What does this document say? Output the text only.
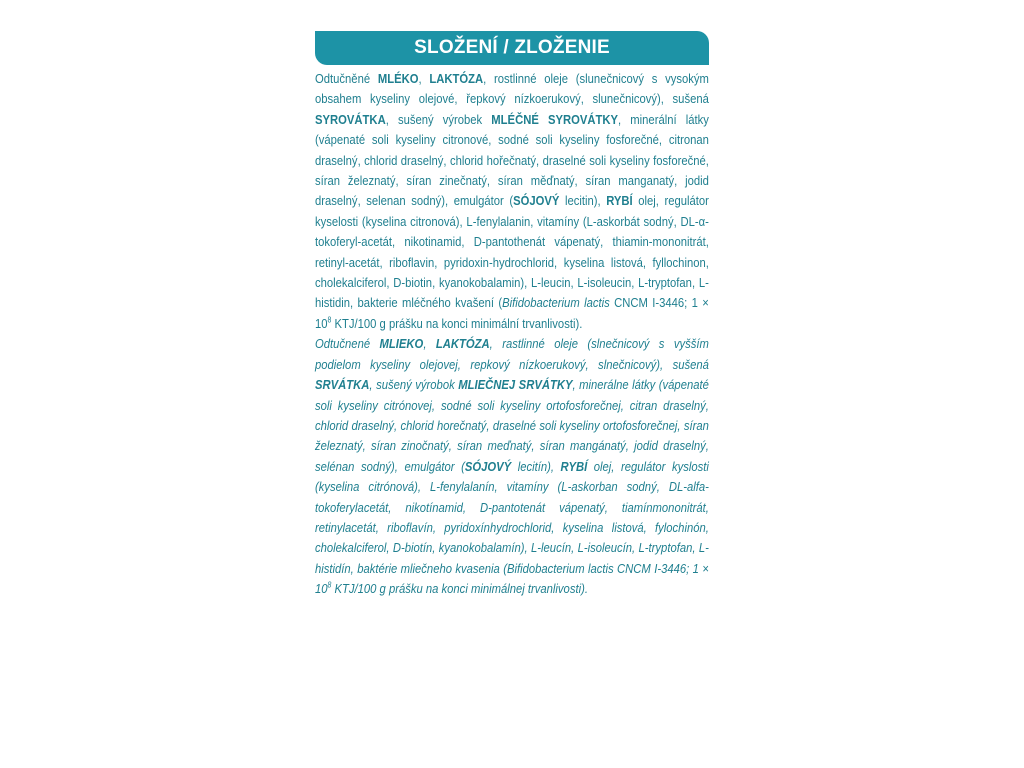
SLOŽENÍ / ZLOŽENIE

Odtučněné MLÉKO, LAKTÓZA, rostlinné oleje (slunečnicový s vysokým obsahem kyseliny olejové, řepkový nízkoerukový, slunečnicový), sušená SYROVÁTKA, sušený výrobek MLÉČNÉ SYROVÁTKY, minerální látky (vápenaté soli kyseliny citronové, sodné soli kyseliny fosforečné, citronan draselný, chlorid draselný, chlorid hořečnatý, draselné soli kyseliny fosforečné, síran železnatý, síran zinečnatý, síran měďnatý, síran manganatý, jodid draselný, selenan sodný), emulgátor (SÓJOVÝ lecitin), RYBÍ olej, regulátor kyselosti (kyselina citronová), L-fenylalanin, vitamíny (L-askorbát sodný, DL-α-tokoferyl-acetát, nikotinamid, D-pantothenát vápenatý, thiamin-mononitrát, retinyl-acetát, riboflavin, pyridoxin-hydrochlorid, kyselina listová, fyllochinon, cholekalciferol, D-biotin, kyanokobalamin), L-leucin, L-isoleucin, L-tryptofan, L-histidin, bakterie mléčného kvašení (Bifidobacterium lactis CNCM I-3446; $1 \times 10^8$ KTJ/100 g prášku na konci minimální trvanlivosti).

Odtučnené MLIEKO, LAKTÓZA, rastlinné oleje (slnečnicový s vyšším podielom kyseliny olejovej, repkový nízkoerukový, slnečnicový), sušená SRVÁTKA, sušený výrobok MLIEČNEJ SRVÁTKY, minerálne látky (vápenaté soli kyseliny citrónovej, sodné soli kyseliny ortofosforečnej, citran draselný, chlorid draselný, chlorid horečnatý, draselné soli kyseliny ortofosforečnej, síran železnatý, síran zinočnatý, síran meďnatý, síran mangánatý, jodid draselný, selénan sodný), emulgátor (SÓJOVÝ lecitín), RYBÍ olej, regulátor kyslosti (kyselina citrónová), L-fenylalanín, vitamíny (L-askorban sodný, DL-alfa-tokoferylacetát, nikotínamid, D-pantotenát vápenatý, tiamínmononitrát, retinylacetát, riboflavín, pyridoxínhydrochlorid, kyselina listová, fylochinón, cholekalciferol, D-biotín, kyanokobalamín), L-leucín, L-isoleucín, L-tryptofan, L-histidín, baktérie mliečneho kvasenia (Bifidobacterium lactis CNCM I-3446; $1 \times 10^8$ KTJ/100 g prášku na konci minimálnej trvanlivosti).
